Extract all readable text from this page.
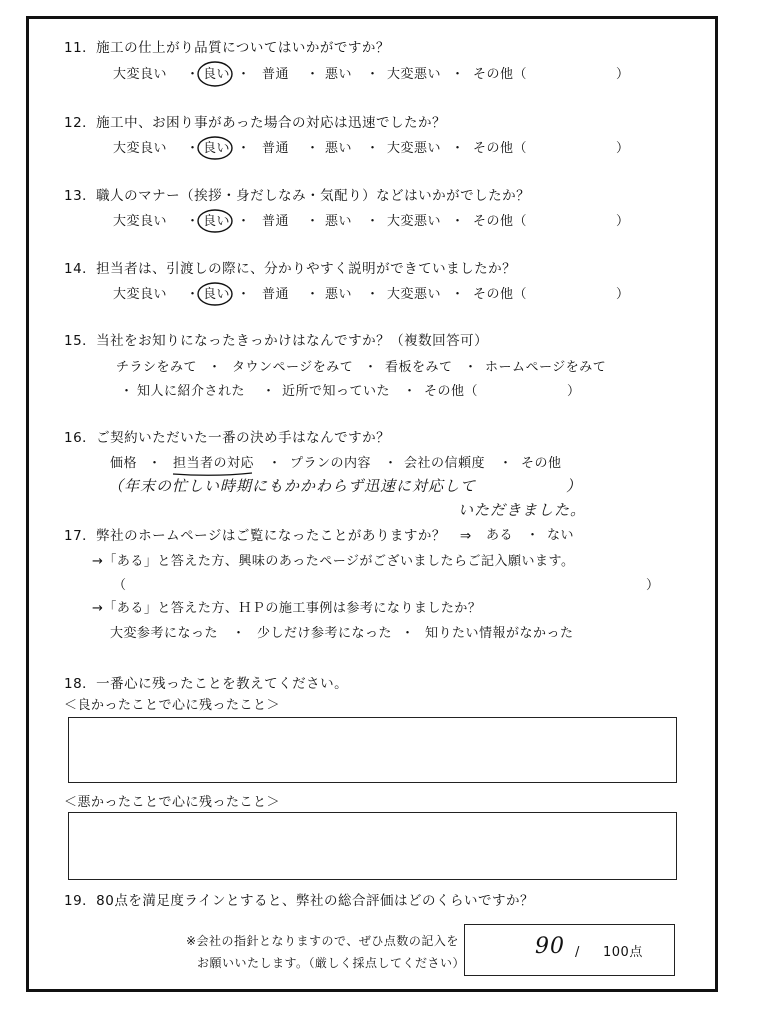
11．施工の仕上がり品質についてはいかがですか？
大変良い ・ 良い ・ 普通 ・ 悪い ・ 大変悪い ・ その他（	）
12．施工中、お困り事があった場合の対応は迅速でしたか？
大変良い ・ 良い ・ 普通 ・ 悪い ・ 大変悪い ・ その他（	）
13．職人のマナー（挨拶・身だしなみ・気配り）などはいかがでしたか？
大変良い ・ 良い ・ 普通 ・ 悪い ・ 大変悪い ・ その他（	）
14．担当者は、引渡しの際に、分かりやすく説明ができていましたか？
大変良い ・ 良い ・ 普通 ・ 悪い ・ 大変悪い ・ その他（	）
15．当社をお知りになったきっかけはなんですか？（複数回答可）
チラシをみて ・ タウンページをみて ・ 看板をみて ・ ホームページをみて
・ 知人に紹介された ・ 近所で知っていた ・ その他（	）
16．ご契約いただいた一番の決め手はなんですか？
価格 ・ 担当者の対応 ・ プランの内容 ・ 会社の信頼度 ・ その他
（年末の忙しい時期にもかかわらず迅速に対応して	）
いただきました。
17．弊社のホームページはご覧になったことがありますか？　⇒ ある ・ ない
→「ある」と答えた方、興味のあったページがございましたらご記入願います。
（	）
→「ある」と答えた方、ＨＰの施工事例は参考になりましたか？
大変参考になった ・ 少しだけ参考になった ・ 知りたい情報がなかった
18．一番心に残ったことを教えてください。
＜良かったことで心に残ったこと＞
＜悪かったことで心に残ったこと＞
19．80点を満足度ラインとすると、弊社の総合評価はどのくらいですか？
※会社の指針となりますので、ぜひ点数の記入を
お願いいたします。（厳しく採点してください）
90 / 100点
